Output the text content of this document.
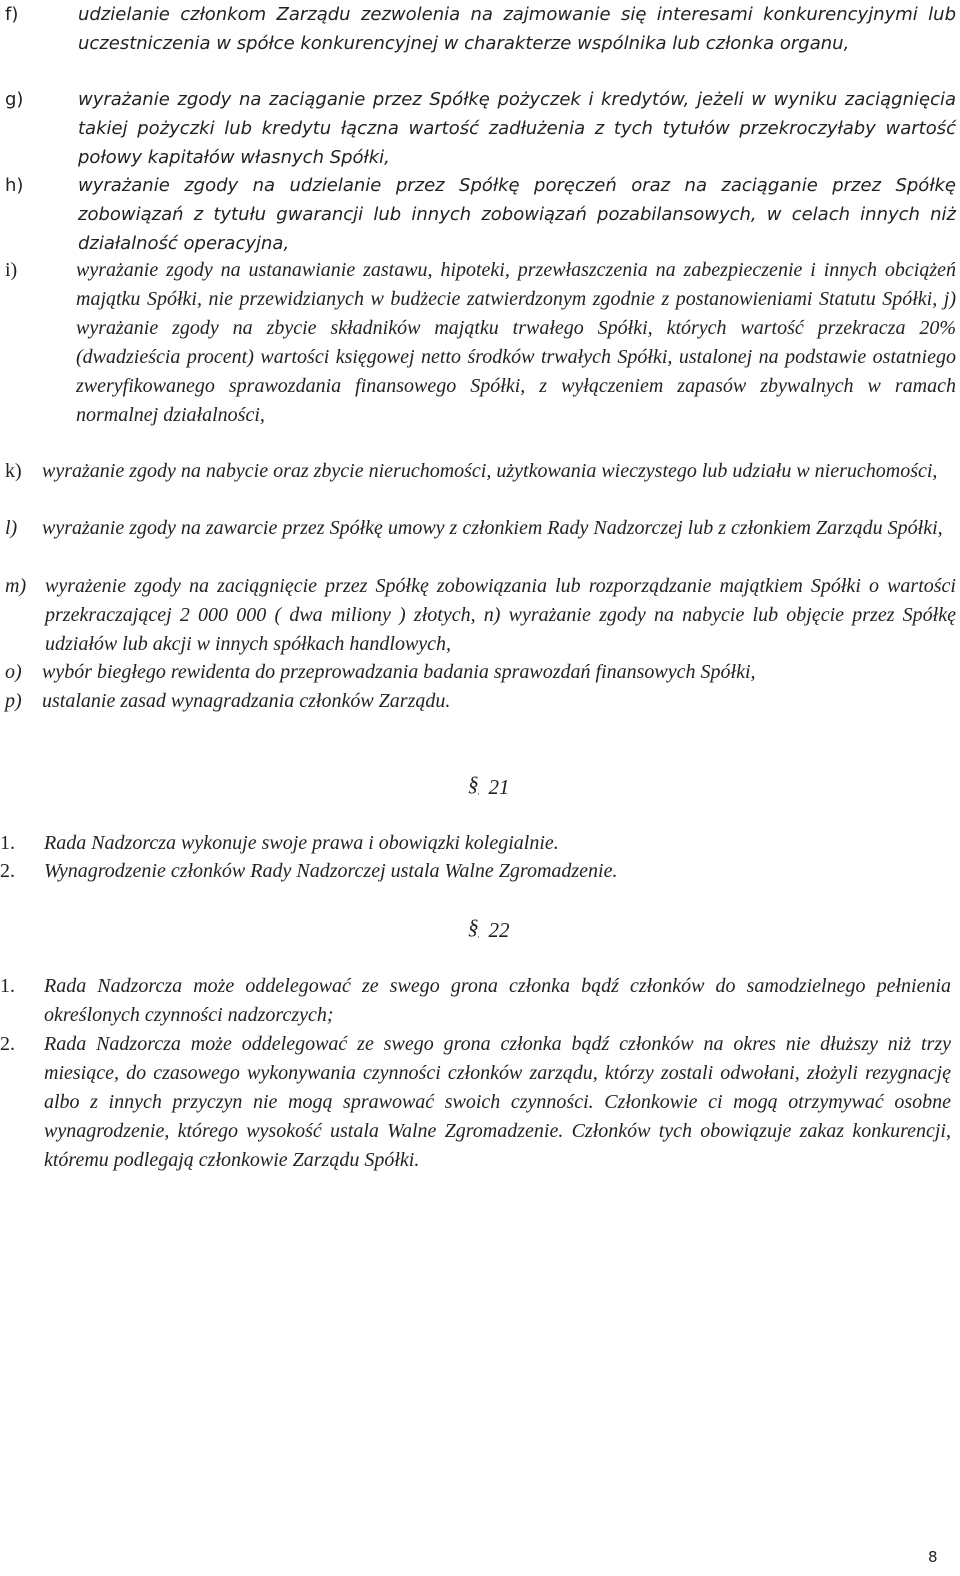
f)	udzielanie członkom Zarządu zezwolenia na zajmowanie się interesami konkurencyjnymi lub uczestniczenia w spółce konkurencyjnej w charakterze wspólnika lub członka organu,
g)	wyrażanie zgody na zaciąganie przez Spółkę pożyczek i kredytów, jeżeli w wyniku zaciągnięcia takiej pożyczki lub kredytu łączna wartość zadłużenia z tych tytułów przekroczyłaby wartość połowy kapitałów własnych Spółki,
h)	wyrażanie zgody na udzielanie przez Spółkę poręczeń oraz na zaciąganie przez Spółkę zobowiązań z tytułu gwarancji lub innych zobowiązań pozabilansowych, w celach innych niż działalność operacyjna,
i)	wyrażanie zgody na ustanawianie zastawu, hipoteki, przewłaszczenia na zabezpieczenie i innych obciążeń majątku Spółki, nie przewidzianych w budżecie zatwierdzonym zgodnie z postanowieniami Statutu Spółki, j) wyrażanie zgody na zbycie składników majątku trwałego Spółki, których wartość przekracza 20% (dwadzieścia procent) wartości księgowej netto środków trwałych Spółki, ustalonej na podstawie ostatniego zweryfikowanego sprawozdania finansowego Spółki, z wyłączeniem zapasów zbywalnych w ramach normalnej działalności,
k) wyrażanie zgody na nabycie oraz zbycie nieruchomości, użytkowania wieczystego lub udziału w nieruchomości,
l) wyrażanie zgody na zawarcie przez Spółkę umowy z członkiem Rady Nadzorczej lub z członkiem Zarządu Spółki,
m) wyrażenie zgody na zaciągnięcie przez Spółkę zobowiązania lub rozporządzanie majątkiem Spółki o wartości przekraczającej 2 000 000 ( dwa miliony ) złotych, n) wyrażanie zgody na nabycie lub objęcie przez Spółkę udziałów lub akcji w innych spółkach handlowych,
o) wybór biegłego rewidenta do przeprowadzania badania sprawozdań finansowych Spółki,
p) ustalanie zasad wynagradzania członków Zarządu.
§ § 21
1. Rada Nadzorcza wykonuje swoje prawa i obowiązki kolegialnie.
2. Wynagrodzenie członków Rady Nadzorczej ustala Walne Zgromadzenie.
§ § 22
1. Rada Nadzorcza może oddelegować ze swego grona członka bądź członków do samodzielnego pełnienia określonych czynności nadzorczych;
2. Rada Nadzorcza może oddelegować ze swego grona członka bądź członków na okres nie dłuższy niż trzy miesiące, do czasowego wykonywania czynności członków zarządu, którzy zostali odwołani, złożyli rezygnację albo z innych przyczyn nie mogą sprawować swoich czynności. Członkowie ci mogą otrzymywać osobne wynagrodzenie, którego wysokość ustala Walne Zgromadzenie. Członków tych obowiązuje zakaz konkurencji, któremu podlegają członkowie Zarządu Spółki.
8
